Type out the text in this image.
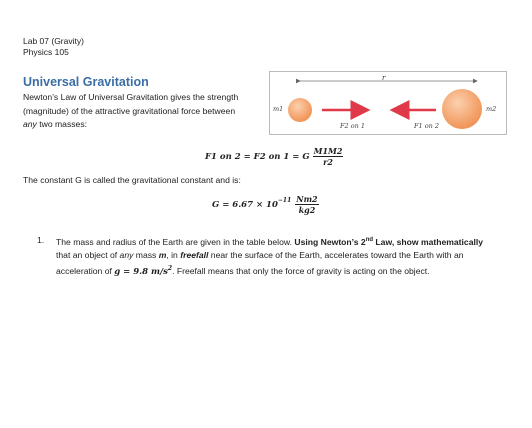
Lab 07 (Gravity)
Physics 105
Universal Gravitation
Newton’s Law of Universal Gravitation gives the strength
(magnitude) of the attractive gravitational force between
any two masses:
r
m1	m2
F2 on 1	F1 on 2
F1 on 2 = F2 on 1 = G $\frac{M1M2}{r2}$
The constant G is called the gravitational constant and is:
$G = 6.67 \times 10^{-11} \frac{Nm2}{kg2}$
1. The mass and radius of the Earth are given in the table below. Using Newton’s 2nd Law, show mathematically
that an object of any mass m, in freefall near the surface of the Earth, accelerates toward the Earth with an
acceleration of g = 9.8 $m/s^2$. Freefall means that only the force of gravity is acting on the object.
